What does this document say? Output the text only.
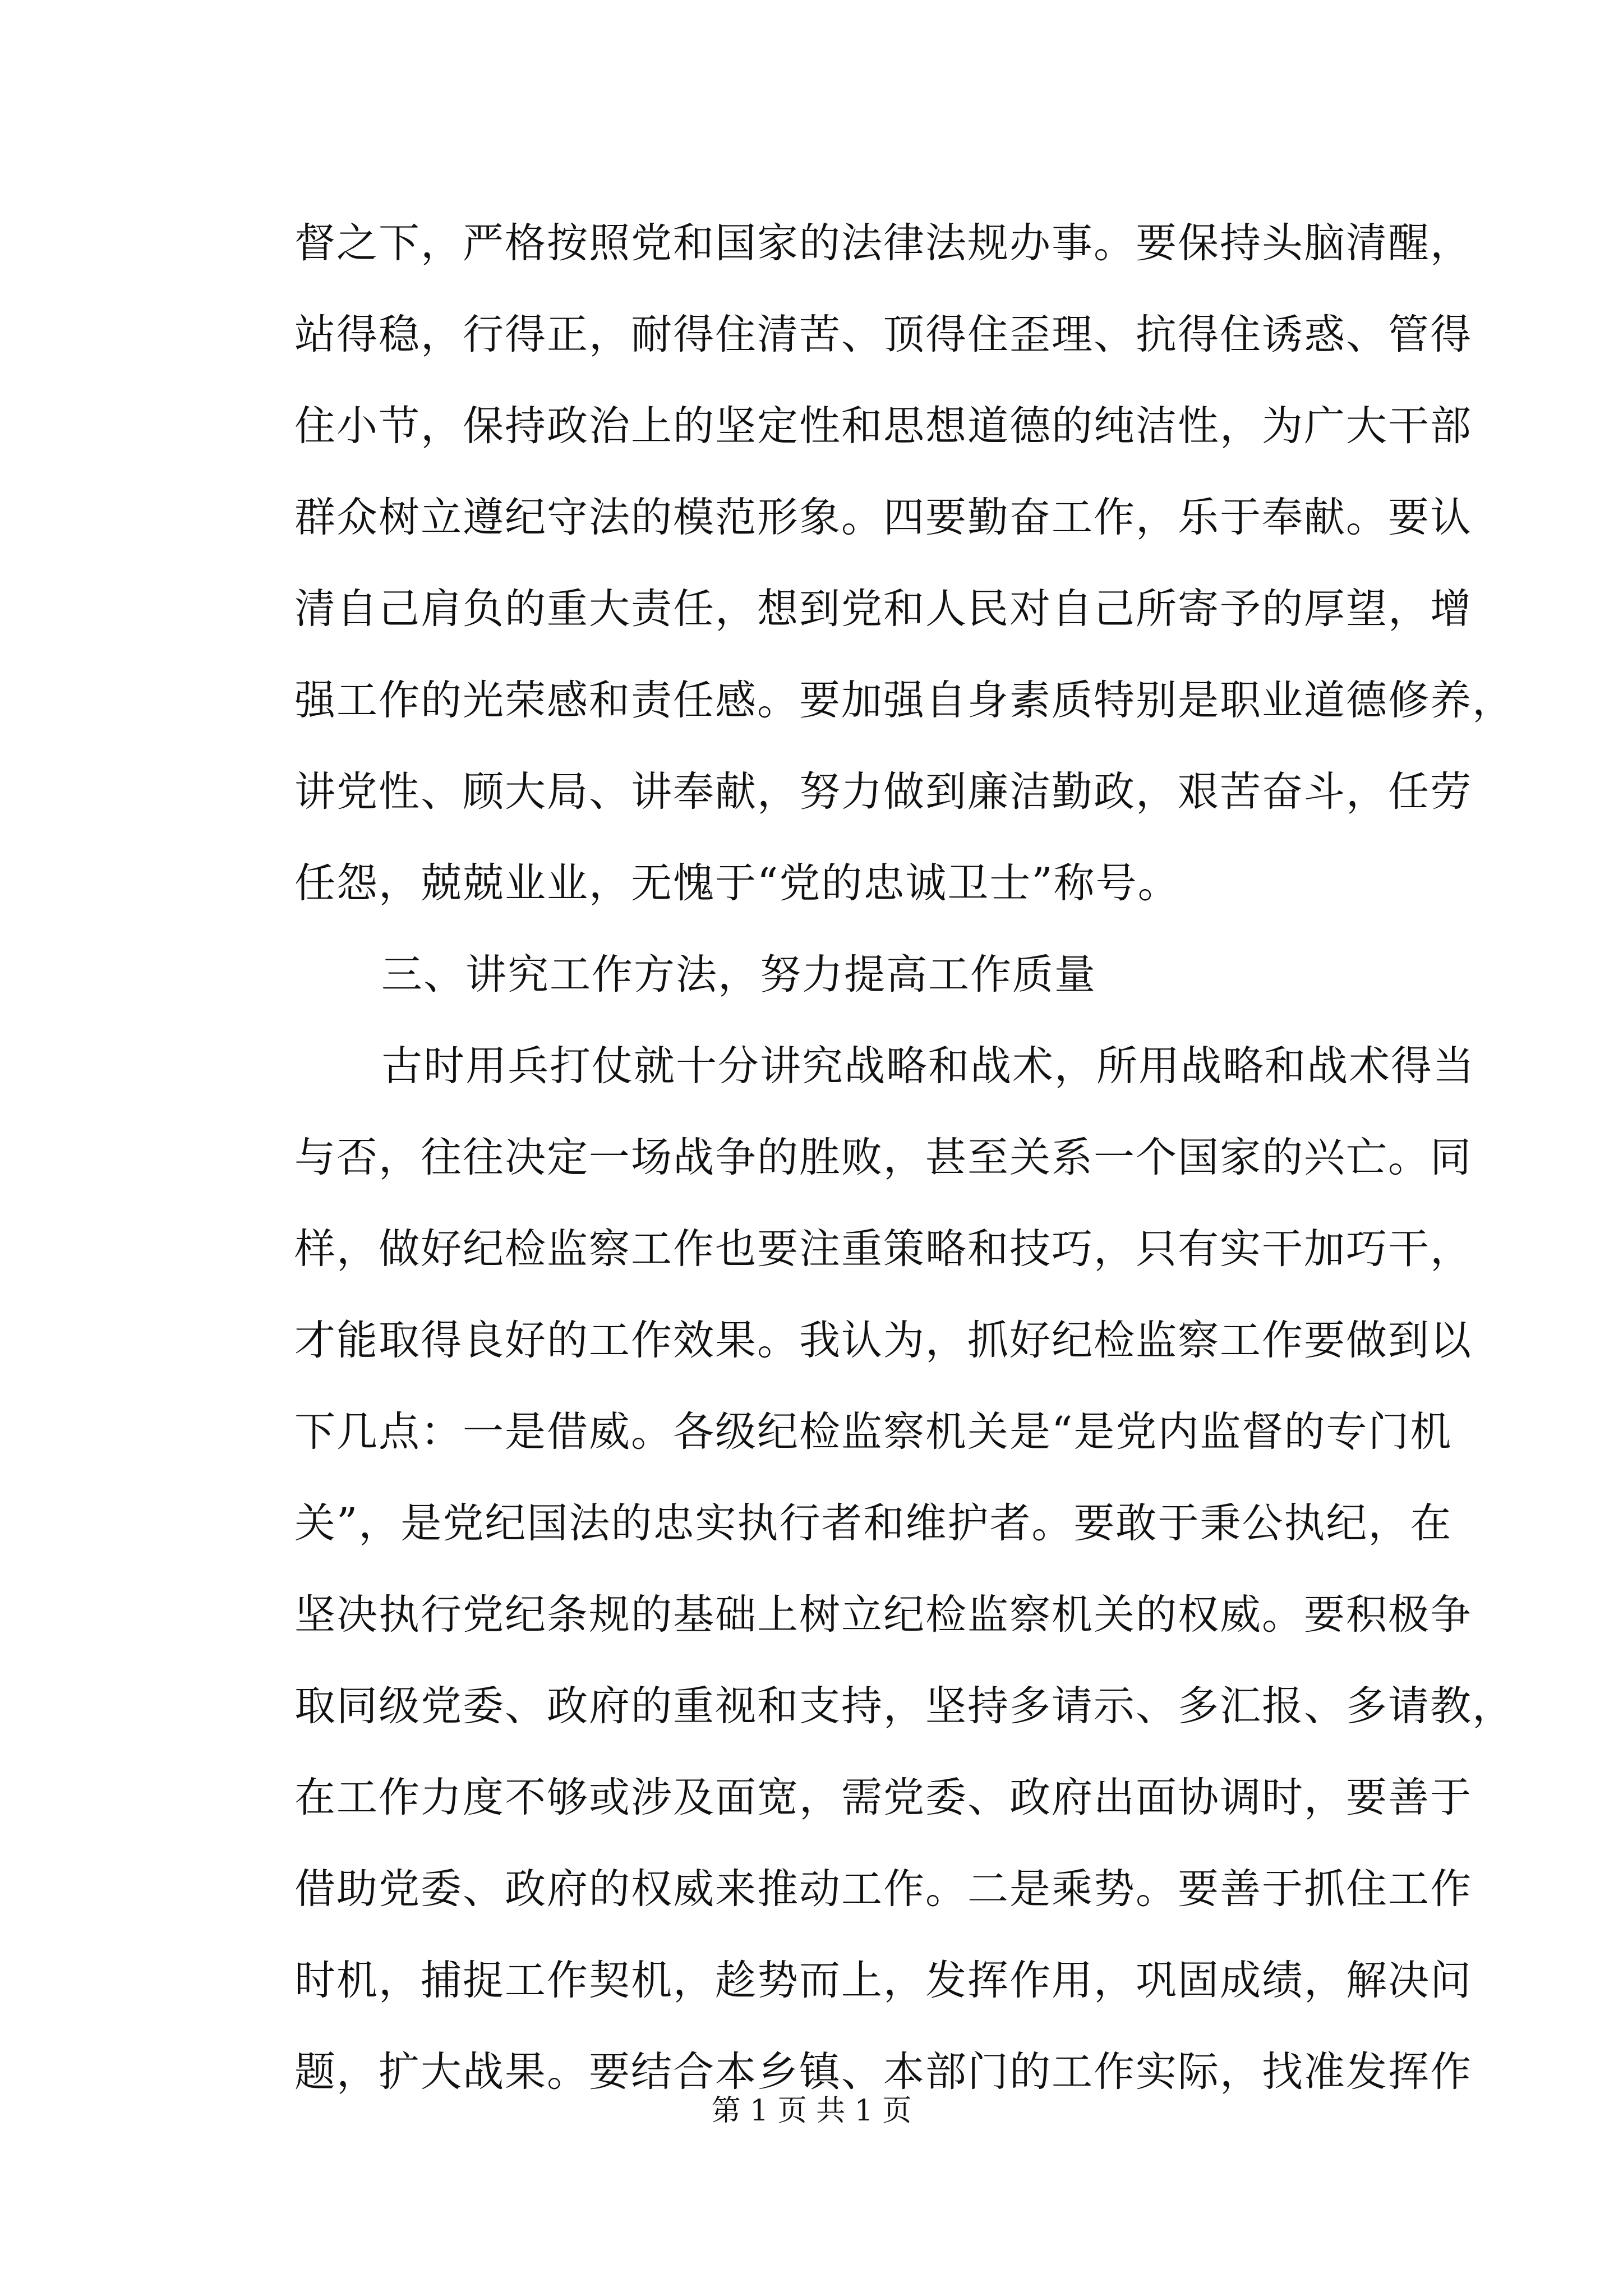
督之下，严格按照党和国家的法律法规办事。要保持头脑清醒，
站得稳，行得正，耐得住清苦、顶得住歪理、抗得住诱惑、管得
住小节，保持政治上的坚定性和思想道德的纯洁性，为广大干部
群众树立遵纪守法的模范形象。四要勤奋工作，乐于奉献。要认
清自己肩负的重大责任，想到党和人民对自己所寄予的厚望，增
强工作的光荣感和责任感。要加强自身素质特别是职业道德修养，
讲党性、顾大局、讲奉献，努力做到廉洁勤政，艰苦奋斗，任劳
任怨，兢兢业业，无愧于“党的忠诚卫士”称号。
三、讲究工作方法，努力提高工作质量
古时用兵打仗就十分讲究战略和战术，所用战略和战术得当
与否，往往决定一场战争的胜败，甚至关系一个国家的兴亡。同
样，做好纪检监察工作也要注重策略和技巧，只有实干加巧干，
才能取得良好的工作效果。我认为，抓好纪检监察工作要做到以
下几点：一是借威。各级纪检监察机关是“是党内监督的专门机
关”，是党纪国法的忠实执行者和维护者。要敢于秉公执纪，在
坚决执行党纪条规的基础上树立纪检监察机关的权威。要积极争
取同级党委、政府的重视和支持，坚持多请示、多汇报、多请教，
在工作力度不够或涉及面宽，需党委、政府出面协调时，要善于
借助党委、政府的权威来推动工作。二是乘势。要善于抓住工作
时机，捕捉工作契机，趁势而上，发挥作用，巩固成绩，解决问
题，扩大战果。要结合本乡镇、本部门的工作实际，找准发挥作
第 1 页 共 1 页
